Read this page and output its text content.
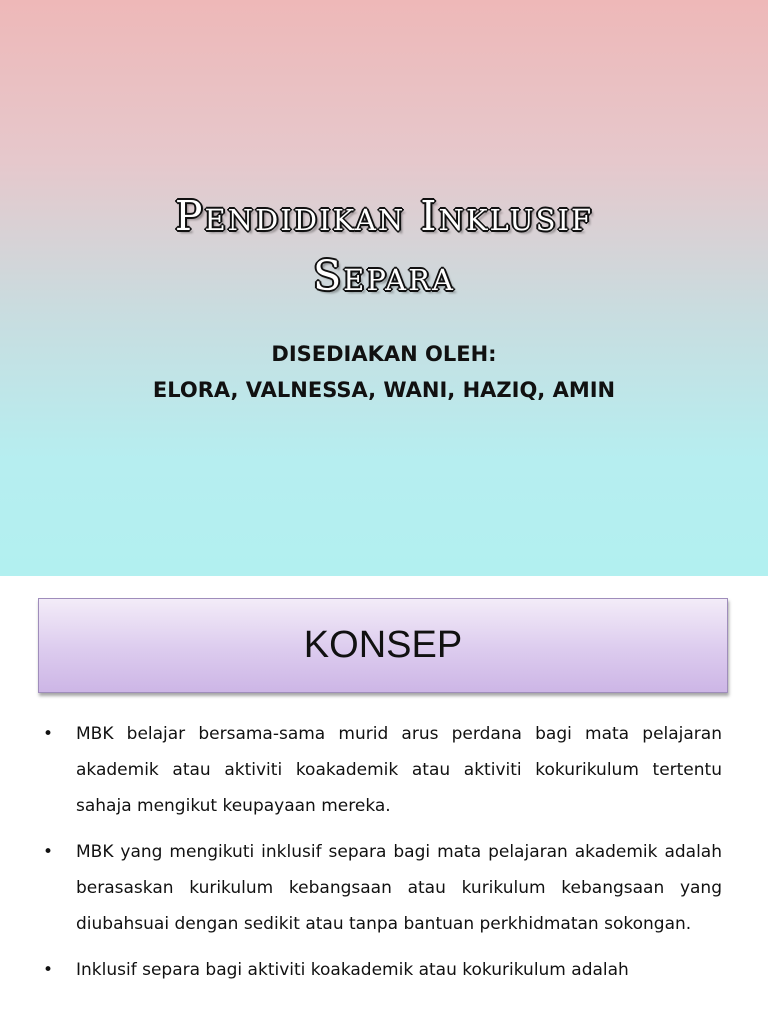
Pendidikan Inklusif
Separa
DISEDIAKAN OLEH:
ELORA, VALNESSA, WANI, HAZIQ, AMIN
KONSEP
• MBK belajar bersama-sama murid arus perdana bagi mata pelajaran akademik atau aktiviti koakademik atau aktiviti kokurikulum tertentu sahaja mengikut keupayaan mereka.
• MBK yang mengikuti inklusif separa bagi mata pelajaran akademik adalah berasaskan kurikulum kebangsaan atau kurikulum kebangsaan yang diubahsuai dengan sedikit atau tanpa bantuan perkhidmatan sokongan.
• Inklusif separa bagi aktiviti koakademik atau kokurikulum adalah
